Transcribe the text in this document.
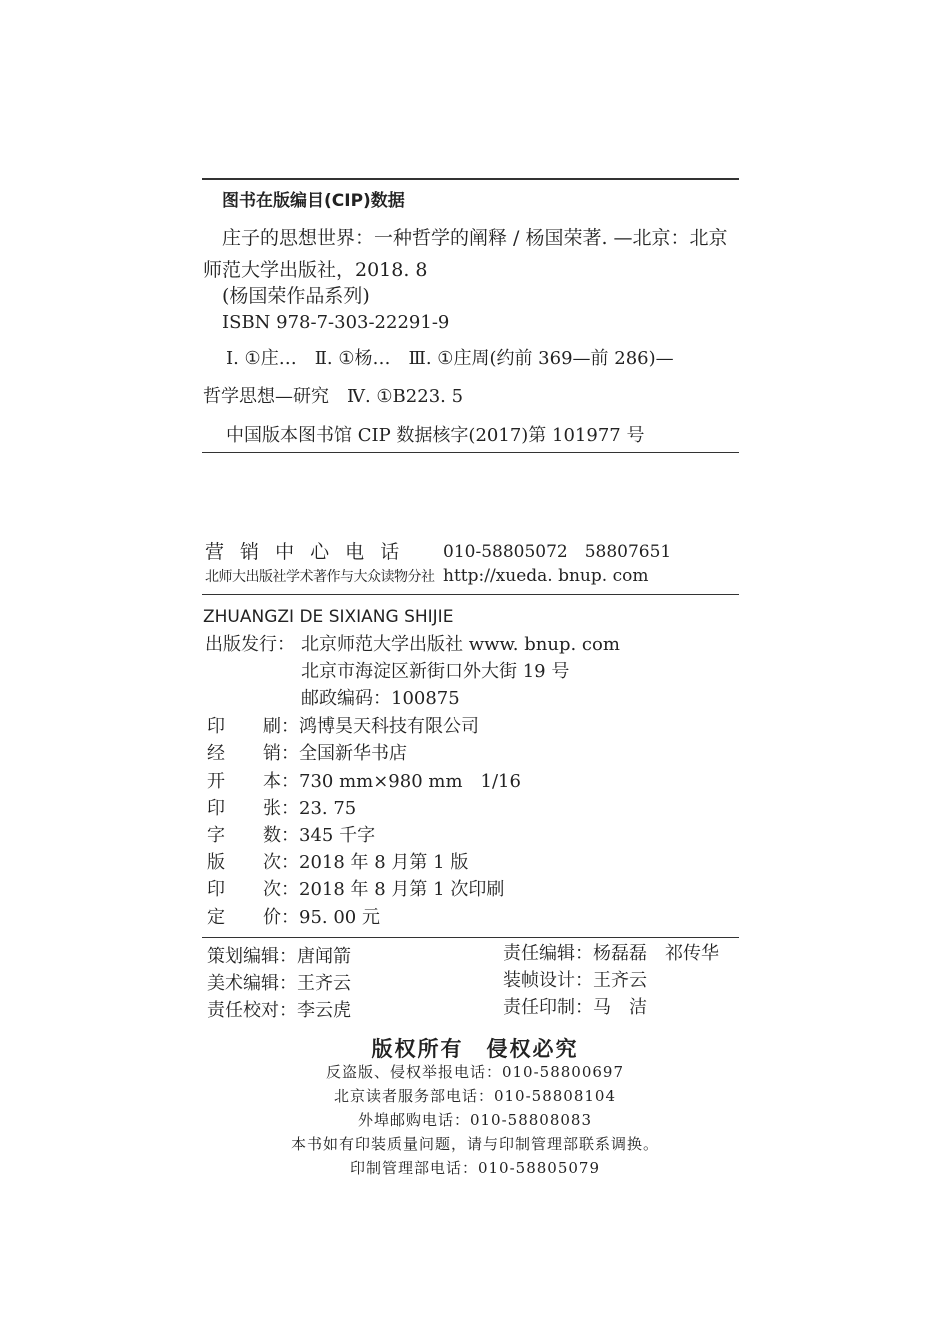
图书在版编目(CIP)数据
庄子的思想世界：一种哲学的阐释 / 杨国荣著. —北京：北京
师范大学出版社，2018. 8
(杨国荣作品系列)
ISBN 978-7-303-22291-9
Ⅰ. ①庄…　Ⅱ. ①杨…　Ⅲ. ①庄周(约前 369—前 286)—
哲学思想—研究　Ⅳ. ①B223. 5
中国版本图书馆 CIP 数据核字(2017)第 101977 号
营 销 中 心 电 话 010-58805072　58807651
北师大出版社学术著作与大众读物分社 http://xueda. bnup. com
ZHUANGZI DE SIXIANG SHIJIE
出版发行： 北京师范大学出版社 www. bnup. com
北京市海淀区新街口外大街 19 号
邮政编码：100875
印刷：鸿博昊天科技有限公司
经销：全国新华书店
开本：730 mm×980 mm　1/16
印张：23. 75
字数：345 千字
版次：2018 年 8 月第 1 版
印次：2018 年 8 月第 1 次印刷
定价：95. 00 元
策划编辑：唐闻箭	责任编辑：杨磊磊　祁传华
美术编辑：王齐云	装帧设计：王齐云
责任校对：李云虎	责任印制：马　洁
版权所有　侵权必究
反盗版、侵权举报电话：010-58800697
北京读者服务部电话：010-58808104
外埠邮购电话：010-58808083
本书如有印装质量问题，请与印制管理部联系调换。
印制管理部电话：010-58805079
